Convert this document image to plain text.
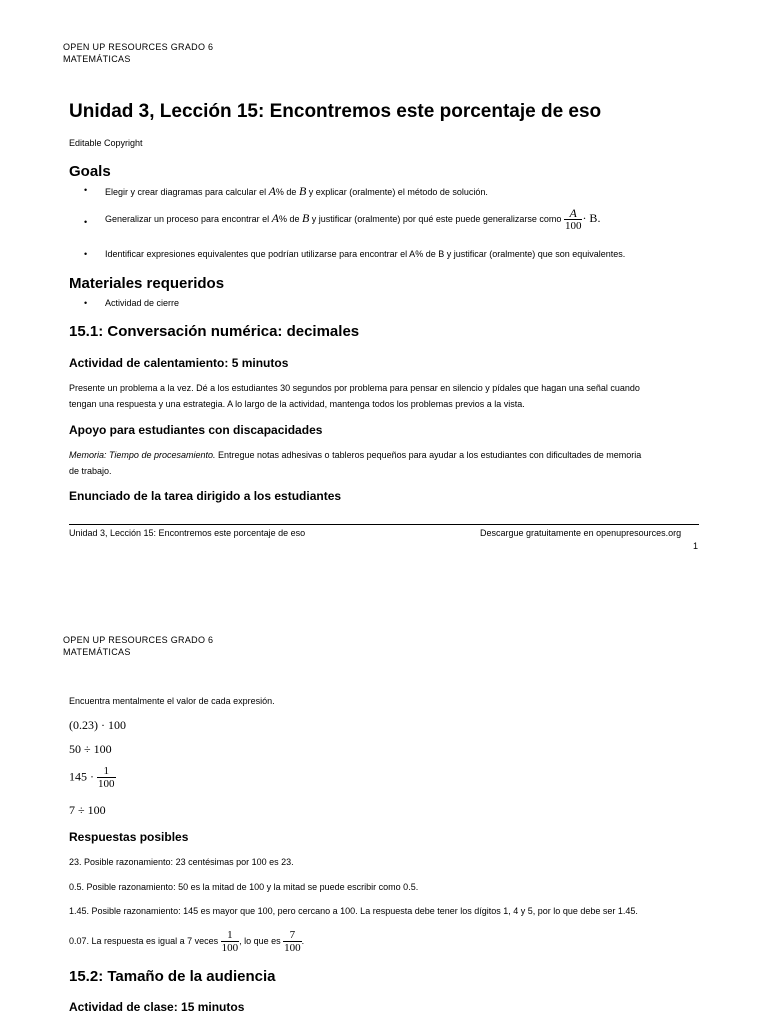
OPEN UP RESOURCES GRADO 6
MATEMÁTICAS
Unidad 3, Lección 15: Encontremos este porcentaje de eso
Editable Copyright
Goals
• Elegir y crear diagramas para calcular el A% de B y explicar (oralmente) el método de solución.
• Generalizar un proceso para encontrar el A% de B y justificar (oralmente) por qué este puede generalizarse como $\frac{A}{100} \cdot B$.
• Identificar expresiones equivalentes que podrían utilizarse para encontrar el A% de B y justificar (oralmente) que son equivalentes.
Materiales requeridos
• Actividad de cierre
15.1: Conversación numérica: decimales
Actividad de calentamiento: 5 minutos
Presente un problema a la vez. Dé a los estudiantes 30 segundos por problema para pensar en silencio y pídales que hagan una señal cuando
tengan una respuesta y una estrategia. A lo largo de la actividad, mantenga todos los problemas previos a la vista.
Apoyo para estudiantes con discapacidades
Memoria: Tiempo de procesamiento. Entregue notas adhesivas o tableros pequeños para ayudar a los estudiantes con dificultades de memoria
de trabajo.
Enunciado de la tarea dirigido a los estudiantes
Unidad 3, Lección 15: Encontremos este porcentaje de eso	Descargue gratuitamente en openupresources.org
1
OPEN UP RESOURCES GRADO 6
MATEMÁTICAS
Encuentra mentalmente el valor de cada expresión.
(0.23) · 100
50 ÷ 100
$145 \cdot \frac{1}{100}$
7 ÷ 100
Respuestas posibles
23. Posible razonamiento: 23 centésimas por 100 es 23.
0.5. Posible razonamiento: 50 es la mitad de 100 y la mitad se puede escribir como 0.5.
1.45. Posible razonamiento: 145 es mayor que 100, pero cercano a 100. La respuesta debe tener los dígitos 1, 4 y 5, por lo que debe ser 1.45.
0.07. La respuesta es igual a 7 veces $\frac{1}{100}$ , lo que es $\frac{7}{100}$ .
15.2: Tamaño de la audiencia
Actividad de clase: 15 minutos
